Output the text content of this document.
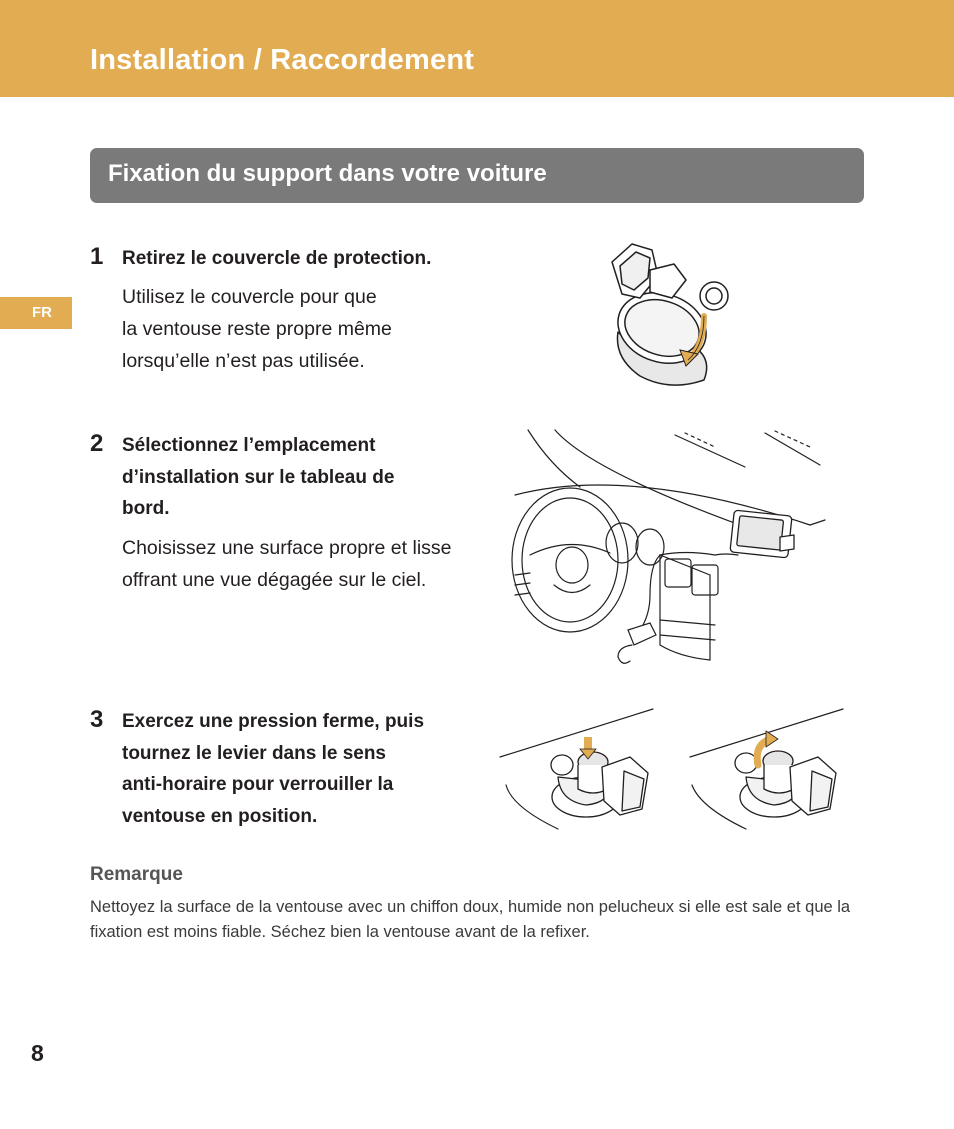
Installation / Raccordement
Fixation du support dans votre voiture
FR
1 Retirez le couvercle de protection.
Utilisez le couvercle pour que
la ventouse reste propre même
lorsqu’elle n’est pas utilisée.
2 Sélectionnez l’emplacement
d’installation sur le tableau de
bord.
Choisissez une surface propre et lisse
offrant une vue dégagée sur le ciel.
3 Exercez une pression ferme, puis
tournez le levier dans le sens
anti-horaire pour verrouiller la
ventouse en position.
Remarque
Nettoyez la surface de la ventouse avec un chiffon doux, humide non pelucheux si elle est sale et que la fixation est moins fiable. Séchez bien la ventouse avant de la refixer.
8
